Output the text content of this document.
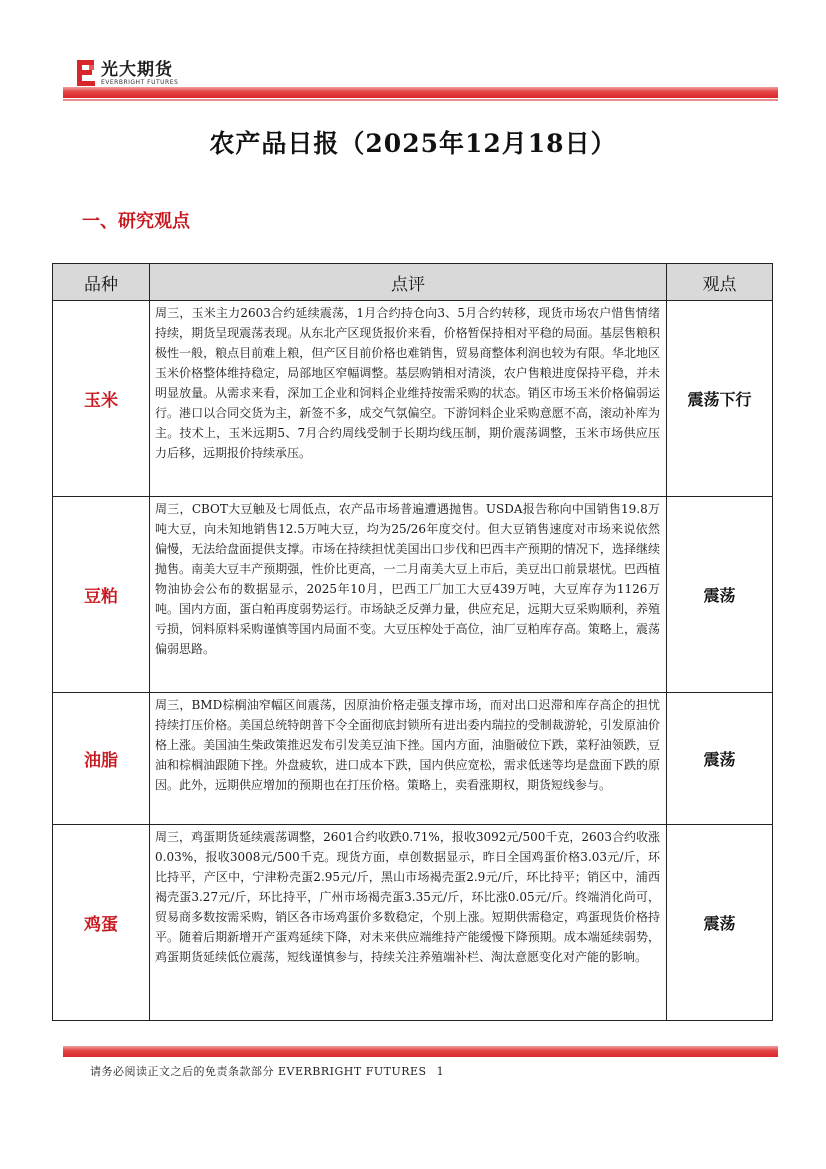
光大期货
EVERBRIGHT FUTURES
农产品日报（2025年12月18日）
一、研究观点
品种	点评	观点
玉米	周三，玉米主力2603合约延续震荡，1月合约持仓向3、5月合约转移，现货市场农户惜售情绪持续，期货呈现震荡表现。从东北产区现货报价来看，价格暂保持相对平稳的局面。基层售粮积极性一般，粮点目前难上粮，但产区目前价格也难销售，贸易商整体利润也较为有限。华北地区玉米价格整体维持稳定，局部地区窄幅调整。基层购销相对清淡，农户售粮进度保持平稳，并未明显放量。从需求来看，深加工企业和饲料企业维持按需采购的状态。销区市场玉米价格偏弱运行。港口以合同交货为主，新签不多，成交气氛偏空。下游饲料企业采购意愿不高，滚动补库为主。技术上，玉米远期5、7月合约周线受制于长期均线压制，期价震荡调整，玉米市场供应压力后移，远期报价持续承压。	震荡下行
豆粕	周三，CBOT大豆触及七周低点，农产品市场普遍遭遇抛售。USDA报告称向中国销售19.8万吨大豆，向未知地销售12.5万吨大豆，均为25/26年度交付。但大豆销售速度对市场来说依然偏慢，无法给盘面提供支撑。市场在持续担忧美国出口步伐和巴西丰产预期的情况下，选择继续抛售。南美大豆丰产预期强，性价比更高，一二月南美大豆上市后，美豆出口前景堪忧。巴西植物油协会公布的数据显示，2025年10月，巴西工厂加工大豆439万吨，大豆库存为1126万吨。国内方面，蛋白粕再度弱势运行。市场缺乏反弹力量，供应充足，远期大豆采购顺利，养殖亏损，饲料原料采购谨慎等国内局面不变。大豆压榨处于高位，油厂豆粕库存高。策略上，震荡偏弱思路。	震荡
油脂	周三，BMD棕榈油窄幅区间震荡，因原油价格走强支撑市场，而对出口迟滞和库存高企的担忧持续打压价格。美国总统特朗普下令全面彻底封锁所有进出委内瑞拉的受制裁游轮，引发原油价格上涨。美国油生柴政策推迟发布引发美豆油下挫。国内方面，油脂破位下跌，菜籽油领跌，豆油和棕榈油跟随下挫。外盘疲软，进口成本下跌，国内供应宽松，需求低迷等均是盘面下跌的原因。此外，远期供应增加的预期也在打压价格。策略上，卖看涨期权，期货短线参与。	震荡
鸡蛋	周三，鸡蛋期货延续震荡调整，2601合约收跌0.71%，报收3092元/500千克，2603合约收涨0.03%，报收3008元/500千克。现货方面，卓创数据显示，昨日全国鸡蛋价格3.03元/斤，环比持平，产区中，宁津粉壳蛋2.95元/斤，黑山市场褐壳蛋2.9元/斤，环比持平；销区中，浦西褐壳蛋3.27元/斤，环比持平，广州市场褐壳蛋3.35元/斤，环比涨0.05元/斤。终端消化尚可，贸易商多数按需采购，销区各市场鸡蛋价多数稳定，个别上涨。短期供需稳定，鸡蛋现货价格持平。随着后期新增开产蛋鸡延续下降，对未来供应端维持产能缓慢下降预期。成本端延续弱势，鸡蛋期货延续低位震荡，短线谨慎参与，持续关注养殖端补栏、淘汰意愿变化对产能的影响。	震荡
请务必阅读正文之后的免责条款部分 EVERBRIGHT FUTURES 1
